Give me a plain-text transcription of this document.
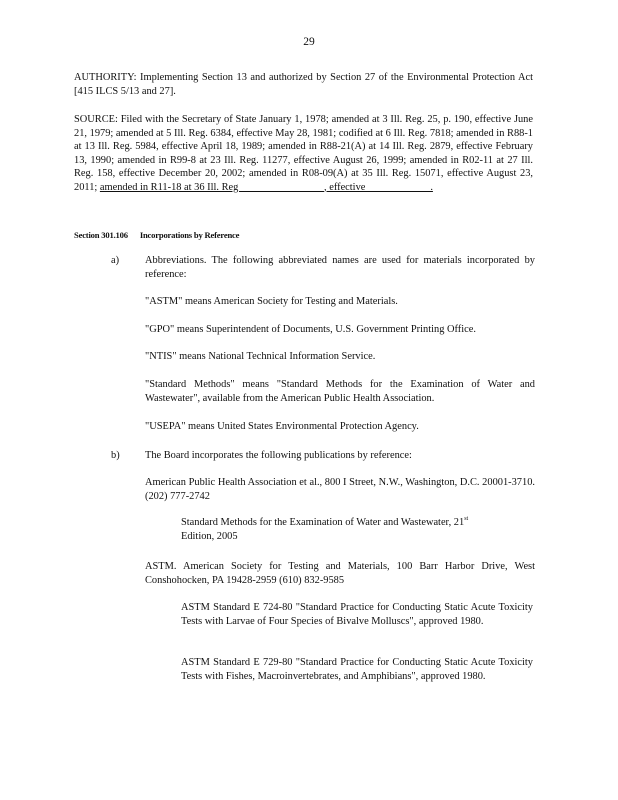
29

AUTHORITY: Implementing Section 13 and authorized by Section 27 of the Environmental Protection Act [415 ILCS 5/13 and 27].

SOURCE: Filed with the Secretary of State January 1, 1978; amended at 3 Ill. Reg. 25, p. 190, effective June 21, 1979; amended at 5 Ill. Reg. 6384, effective May 28, 1981; codified at 6 Ill. Reg. 7818; amended in R88-1 at 13 Ill. Reg. 5984, effective April 18, 1989; amended in R88-21(A) at 14 Ill. Reg. 2879, effective February 13, 1990; amended in R99-8 at 23 Ill. Reg. 11277, effective August 26, 1999; amended in R02-11 at 27 Ill. Reg. 158, effective December 20, 2002; amended in R08-09(A) at 35 Ill. Reg. 15071, effective August 23, 2011; amended in R11-18 at 36 Ill. Reg ________________, effective ____________.

Section 301.106 Incorporations by Reference
a) Abbreviations. The following abbreviated names are used for materials incorporated by reference:
"ASTM" means American Society for Testing and Materials.
"GPO" means Superintendent of Documents, U.S. Government Printing Office.
"NTIS" means National Technical Information Service.
"Standard Methods" means "Standard Methods for the Examination of Water and Wastewater", available from the American Public Health Association.
"USEPA" means United States Environmental Protection Agency.
b) The Board incorporates the following publications by reference:
American Public Health Association et al., 800 I Street, N.W., Washington, D.C. 20001-3710. (202) 777-2742
Standard Methods for the Examination of Water and Wastewater, 21st
Edition, 2005
ASTM. American Society for Testing and Materials, 100 Barr Harbor Drive, West Conshohocken, PA 19428-2959 (610) 832-9585
ASTM Standard E 724-80 "Standard Practice for Conducting Static Acute Toxicity Tests with Larvae of Four Species of Bivalve Molluscs", approved 1980.
ASTM Standard E 729-80 "Standard Practice for Conducting Static Acute Toxicity Tests with Fishes, Macroinvertebrates, and Amphibians", approved 1980.
